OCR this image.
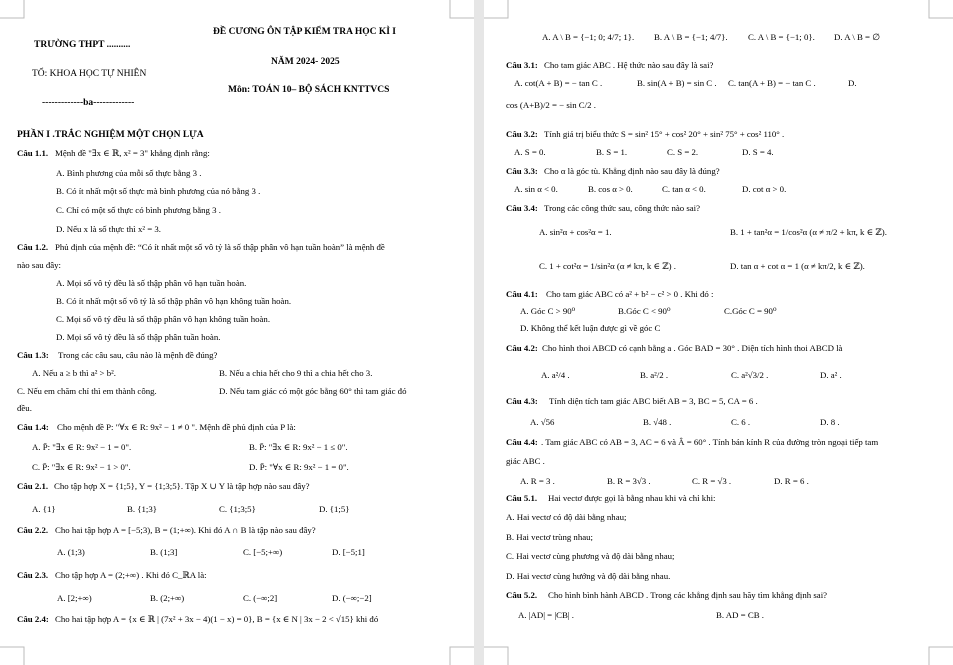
TRƯỜNG THPT ..........
TỔ: KHOA HỌC TỰ NHIÊN
-------------ba-------------
ĐỀ CƯƠNG ÔN TẬP KIỂM TRA HỌC KÌ I
NĂM 2024- 2025
Môn: TOÁN 10– BỘ SÁCH KNTTVCS
PHẦN I .TRẮC NGHIỆM MỘT CHỌN LỰA
Câu 1.1. Mệnh đề "∃x ∈ ℝ, x² = 3" khẳng định rằng:
A. Bình phương của mỗi số thực bằng 3 .
B. Có ít nhất một số thực mà bình phương của nó bằng 3 .
C. Chỉ có một số thực có bình phương bằng 3 .
D. Nếu x là số thực thì x² = 3.
Câu 1.2. Phủ định của mệnh đề: “Có ít nhất một số vô tỷ là số thập phân vô hạn tuần hoàn” là mệnh đề
nào sau đây:
A. Mọi số vô tỷ đều là số thập phân vô hạn tuần hoàn.
B. Có ít nhất một số vô tỷ là số thập phân vô hạn không tuần hoàn.
C. Mọi số vô tỷ đều là số thập phân vô hạn không tuần hoàn.
D. Mọi số vô tỷ đều là số thập phân tuần hoàn.
Câu 1.3: Trong các câu sau, câu nào là mệnh đề đúng?
A. Nếu a ≥ b thì a² > b².	B. Nếu a chia hết cho 9 thì a chia hết cho 3.
C. Nếu em chăm chỉ thì em thành công.	D. Nếu tam giác có một góc bằng 60° thì tam giác đó
đều.
Câu 1.4: Cho mệnh đề P: "∀x ∈ R: 9x² − 1 ≠ 0 ". Mệnh đề phủ định của P là:
A. P̄: "∃x ∈ R: 9x² − 1 = 0".	B. P̄: "∃x ∈ R: 9x² − 1 ≤ 0".
C. P̄: "∃x ∈ R: 9x² − 1 > 0".	D. P̄: "∀x ∈ R: 9x² − 1 = 0".
Câu 2.1. Cho tập hợp X = {1;5}, Y = {1;3;5}. Tập X ∪ Y là tập hợp nào sau đây?
A. {1}	B. {1;3}	C. {1;3;5}	D. {1;5}
Câu 2.2. Cho hai tập hợp A = [−5;3), B = (1;+∞). Khi đó A ∩ B là tập nào sau đây?
A. (1;3)	B. (1;3]	C. [−5;+∞)	D. [−5;1]
Câu 2.3. Cho tập hợp A = (2;+∞) . Khi đó C_ℝA là:
A. [2;+∞)	B. (2;+∞)	C. (−∞;2]	D. (−∞;−2]
Câu 2.4: Cho hai tập hợp A = {x ∈ ℝ | (7x² + 3x − 4)(1 − x) = 0}, B = {x ∈ N | 3x − 2 < √15} khi đó
A. A \ B = {−1; 0; 4/7; 1}. B. A \ B = {−1; 4/7}. C. A \ B = {−1; 0}. D. A \ B = ∅
Câu 3.1: Cho tam giác ABC . Hệ thức nào sau đây là sai?
A. cot(A + B) = − tan C .	B. sin(A + B) = sin C . C. tan(A + B) = − tan C .	D.
cos (A+B)/2 = − sin C/2 .
Câu 3.2: Tính giá trị biểu thức S = sin² 15° + cos² 20° + sin² 75° + cos² 110° .
A. S = 0.	B. S = 1.	C. S = 2.	D. S = 4.
Câu 3.3: Cho α là góc tù. Khẳng định nào sau đây là đúng?
A. sin α < 0.	B. cos α > 0.	C. tan α < 0.	D. cot α > 0.
Câu 3.4: Trong các công thức sau, công thức nào sai?
A. sin²α + cos²α = 1.	B. 1 + tan²α = 1/cos²α (α ≠ π/2 + kπ, k ∈ ℤ).
C. 1 + cot²α = 1/sin²α (α ≠ kπ, k ∈ ℤ) .	D. tan α + cot α = 1 (α ≠ kπ/2, k ∈ ℤ).
Câu 4.1: Cho tam giác ABC có a² + b² − c² > 0 . Khi đó :
A. Góc C > 90⁰	B.Góc C < 90⁰	C.Góc C = 90⁰
D. Không thể kết luận được gì về góc C
Câu 4.2: Cho hình thoi ABCD có cạnh bằng a . Góc BAD = 30° . Diện tích hình thoi ABCD là
A. a²/4 .	B. a²/2 .	C. a²√3/2 .	D. a² .
Câu 4.3: Tính diện tích tam giác ABC biết AB = 3, BC = 5, CA = 6 .
A. √56	B. √48 .	C. 6 .	D. 8 .
Câu 4.4: . Tam giác ABC có AB = 3, AC = 6 và Â = 60° . Tính bán kính R của đường tròn ngoại tiếp tam
giác ABC .
A. R = 3 .	B. R = 3√3 .	C. R = √3 .	D. R = 6 .
Câu 5.1. Hai vectơ được gọi là bằng nhau khi và chỉ khi:
A. Hai vectơ có độ dài bằng nhau;
B. Hai vectơ trùng nhau;
C. Hai vectơ cùng phương và độ dài bằng nhau;
D. Hai vectơ cùng hướng và độ dài bằng nhau.
Câu 5.2. Cho hình bình hành ABCD . Trong các khẳng định sau hãy tìm khẳng định sai?
A. |AD| = |CB| .	B. AD = CB .
